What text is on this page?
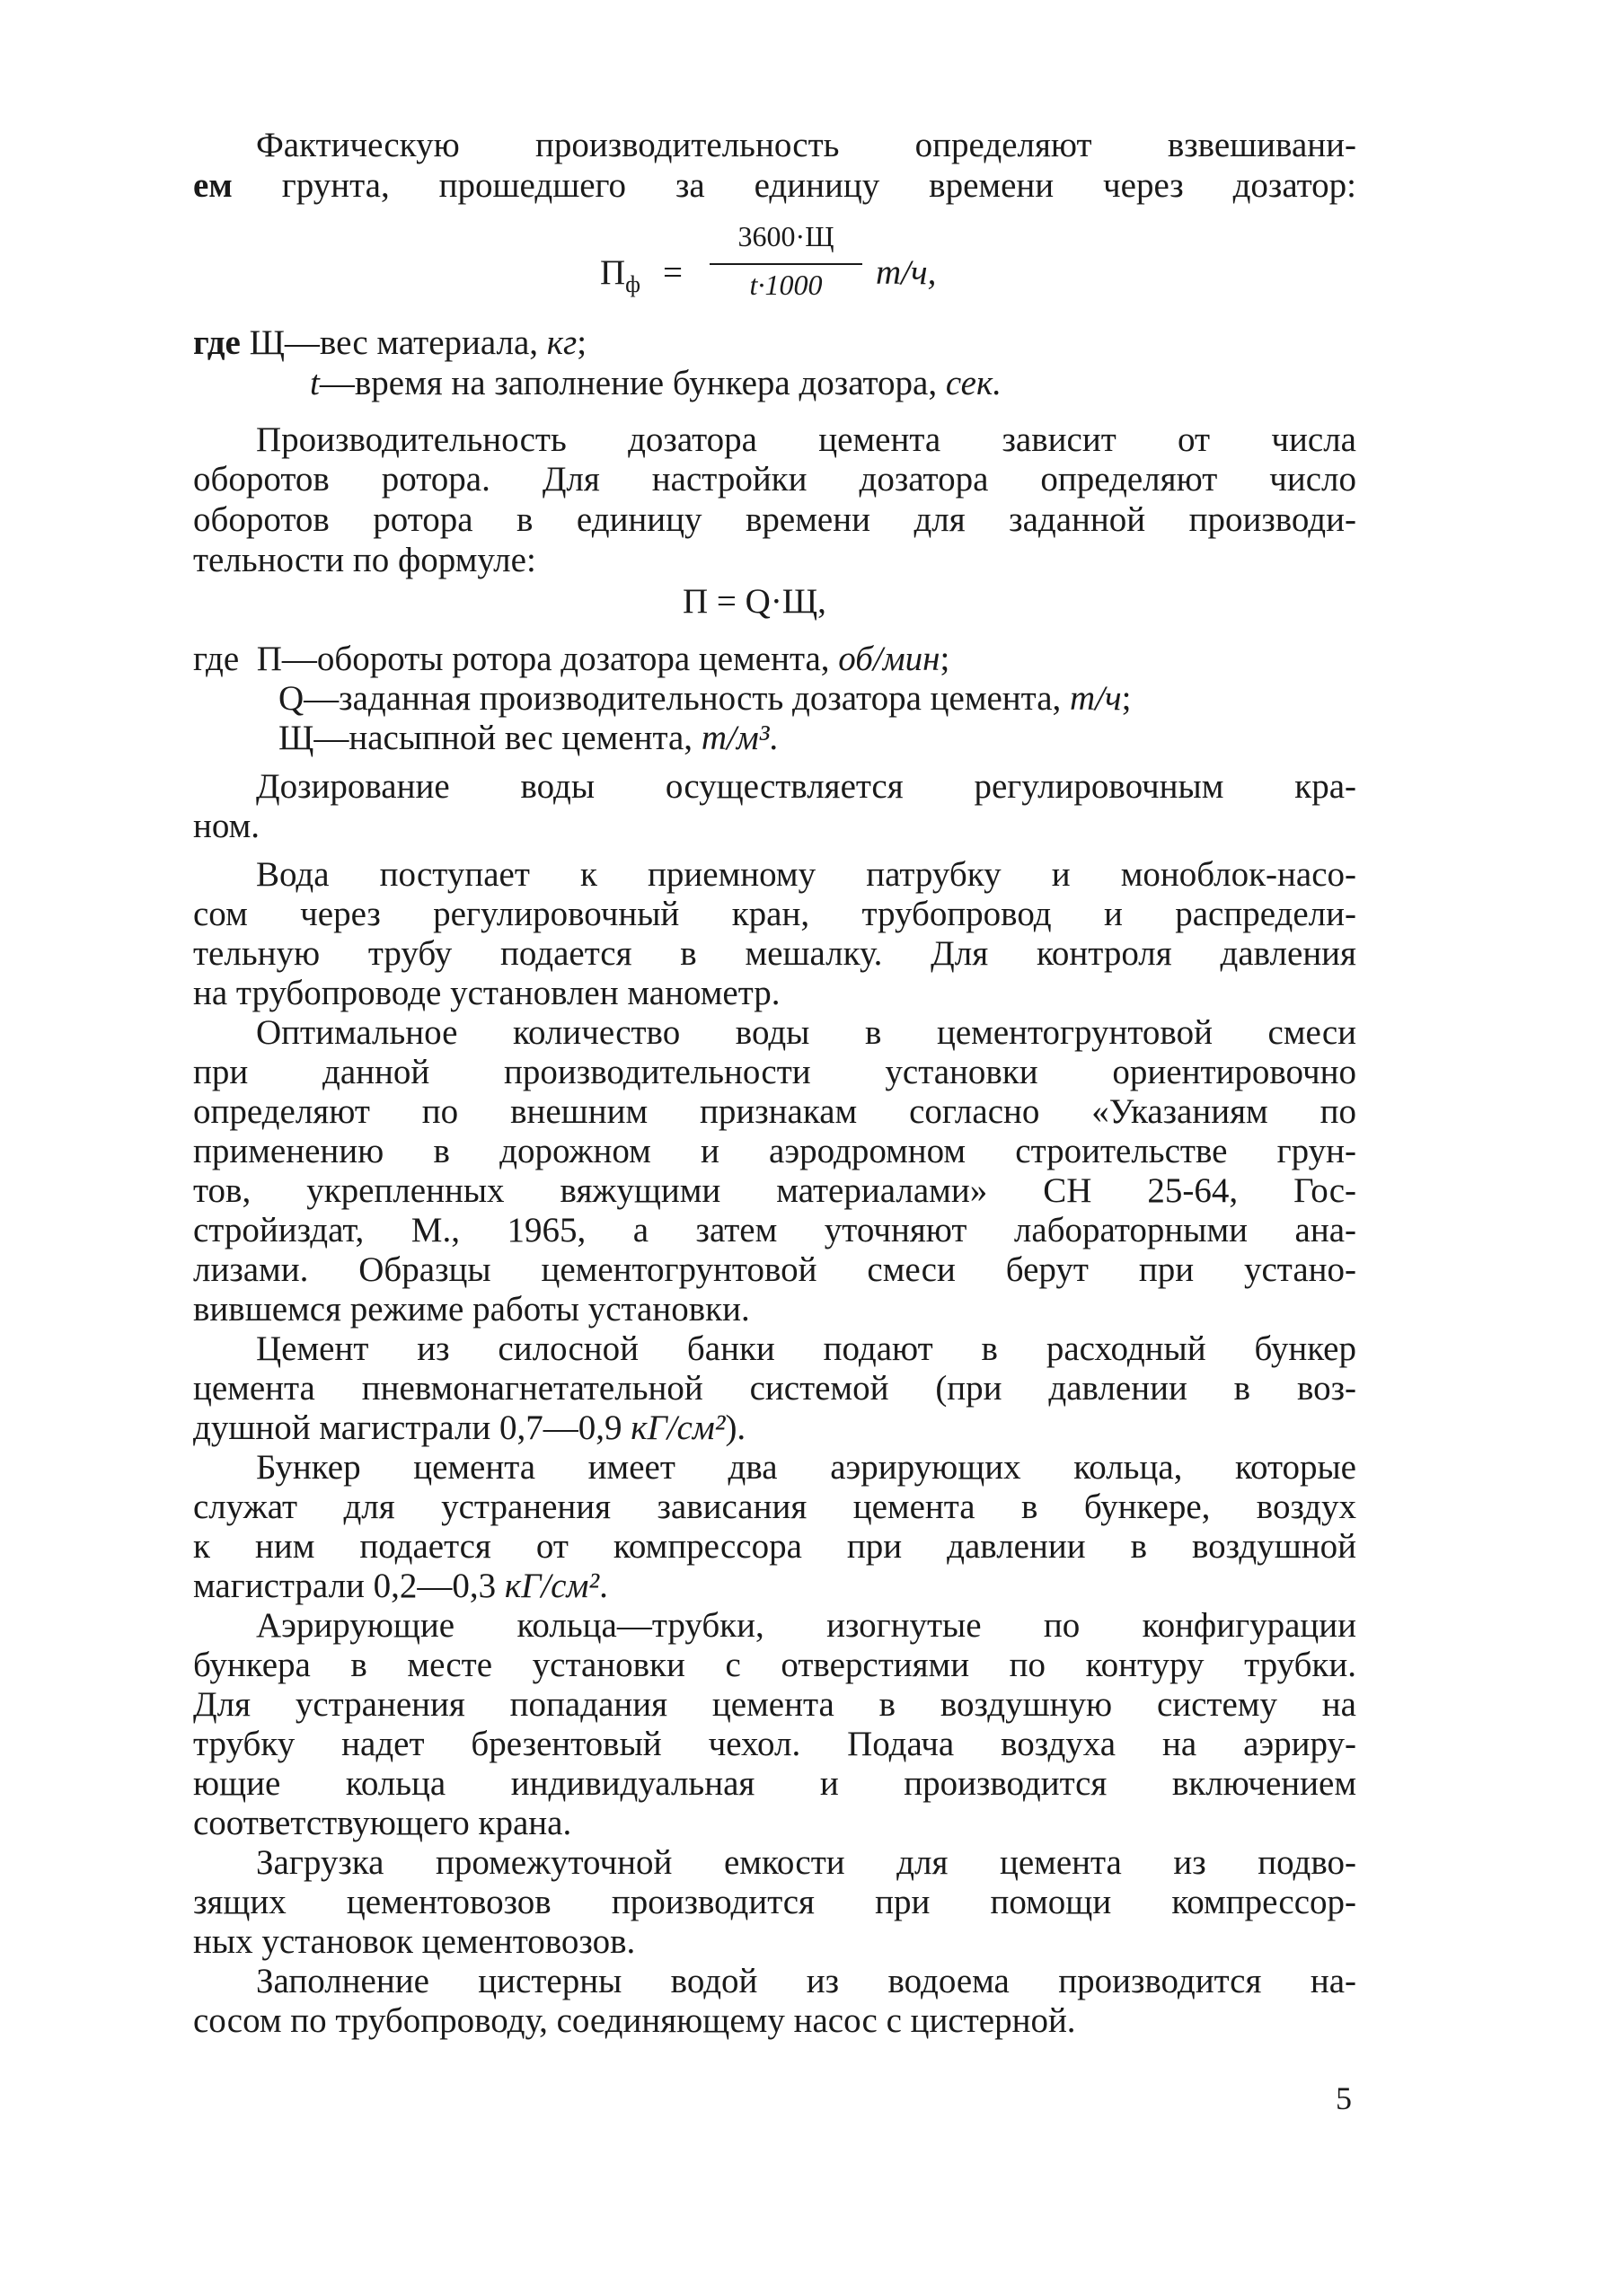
Фактическую производительность определяют взвешивани-
ем грунта, прошедшего за единицу времени через дозатор:
$П_ф$ =
3600·Щ
t·1000	т/ч,
где Щ—вес материала, кг;
t—время на заполнение бункера дозатора, сек.
Производительность дозатора цемента зависит от числа
оборотов ротора. Для настройки дозатора определяют число
оборотов ротора в единицу времени для заданной производи-
тельности по формуле:
П = Q·Щ,
где П—обороты ротора дозатора цемента, об/мин;
Q—заданная производительность дозатора цемента, т/ч;
Щ—насыпной вес цемента, т/м³.
Дозирование воды осуществляется регулировочным кра-
ном.
Вода поступает к приемному патрубку и моноблок-насо-
сом через регулировочный кран, трубопровод и распредели-
тельную трубу подается в мешалку. Для контроля давления
на трубопроводе установлен манометр.
Оптимальное количество воды в цементогрунтовой смеси
при данной производительности установки ориентировочно
определяют по внешним признакам согласно «Указаниям по
применению в дорожном и аэродромном строительстве грун-
тов, укрепленных вяжущими материалами» СН 25-64, Гос-
стройиздат, М., 1965, а затем уточняют лабораторными ана-
лизами. Образцы цементогрунтовой смеси берут при устано-
вившемся режиме работы установки.
Цемент из силосной банки подают в расходный бункер
цемента пневмонагнетательной системой (при давлении в воз-
душной магистрали 0,7—0,9 кГ/см²).
Бункер цемента имеет два аэрирующих кольца, которые
служат для устранения зависания цемента в бункере, воздух
к ним подается от компрессора при давлении в воздушной
магистрали 0,2—0,3 кГ/см².
Аэрирующие кольца—трубки, изогнутые по конфигурации
бункера в месте установки с отверстиями по контуру трубки.
Для устранения попадания цемента в воздушную систему на
трубку надет брезентовый чехол. Подача воздуха на аэриру-
ющие кольца индивидуальная и производится включением
соответствующего крана.
Загрузка промежуточной емкости для цемента из подво-
зящих цементовозов производится при помощи компрессор-
ных установок цементовозов.
Заполнение цистерны водой из водоема производится на-
сосом по трубопроводу, соединяющему насос с цистерной.
5
